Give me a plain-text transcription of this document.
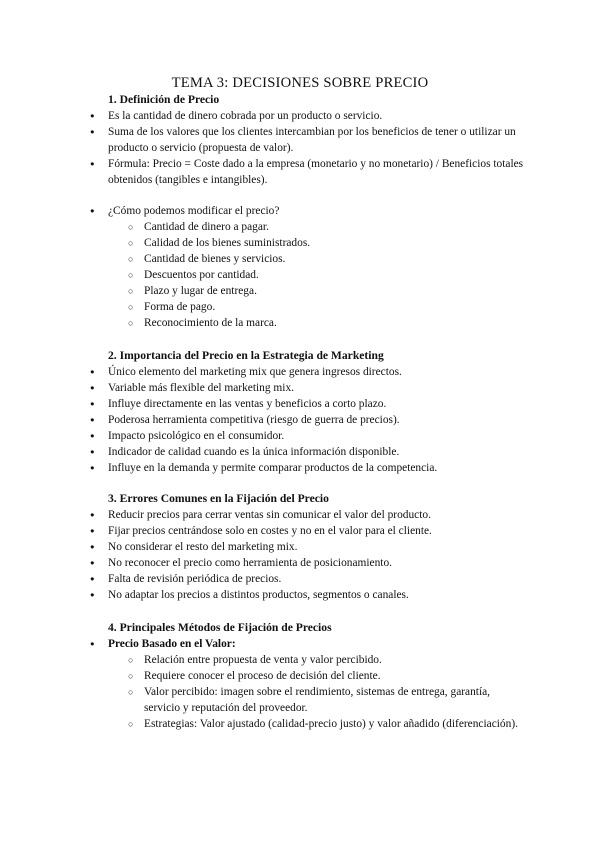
TEMA 3: DECISIONES SOBRE PRECIO
1. Definición de Precio
● Es la cantidad de dinero cobrada por un producto o servicio.
● Suma de los valores que los clientes intercambian por los beneficios de tener o utilizar un producto o servicio (propuesta de valor).
● Fórmula: Precio = Coste dado a la empresa (monetario y no monetario) / Beneficios totales obtenidos (tangibles e intangibles).
● ¿Cómo podemos modificar el precio?
○ Cantidad de dinero a pagar.
○ Calidad de los bienes suministrados.
○ Cantidad de bienes y servicios.
○ Descuentos por cantidad.
○ Plazo y lugar de entrega.
○ Forma de pago.
○ Reconocimiento de la marca.
2. Importancia del Precio en la Estrategia de Marketing
● Único elemento del marketing mix que genera ingresos directos.
● Variable más flexible del marketing mix.
● Influye directamente en las ventas y beneficios a corto plazo.
● Poderosa herramienta competitiva (riesgo de guerra de precios).
● Impacto psicológico en el consumidor.
● Indicador de calidad cuando es la única información disponible.
● Influye en la demanda y permite comparar productos de la competencia.
3. Errores Comunes en la Fijación del Precio
● Reducir precios para cerrar ventas sin comunicar el valor del producto.
● Fijar precios centrándose solo en costes y no en el valor para el cliente.
● No considerar el resto del marketing mix.
● No reconocer el precio como herramienta de posicionamiento.
● Falta de revisión periódica de precios.
● No adaptar los precios a distintos productos, segmentos o canales.
4. Principales Métodos de Fijación de Precios
● Precio Basado en el Valor:
○ Relación entre propuesta de venta y valor percibido.
○ Requiere conocer el proceso de decisión del cliente.
○ Valor percibido: imagen sobre el rendimiento, sistemas de entrega, garantía, servicio y reputación del proveedor.
○ Estrategias: Valor ajustado (calidad-precio justo) y valor añadido (diferenciación).
